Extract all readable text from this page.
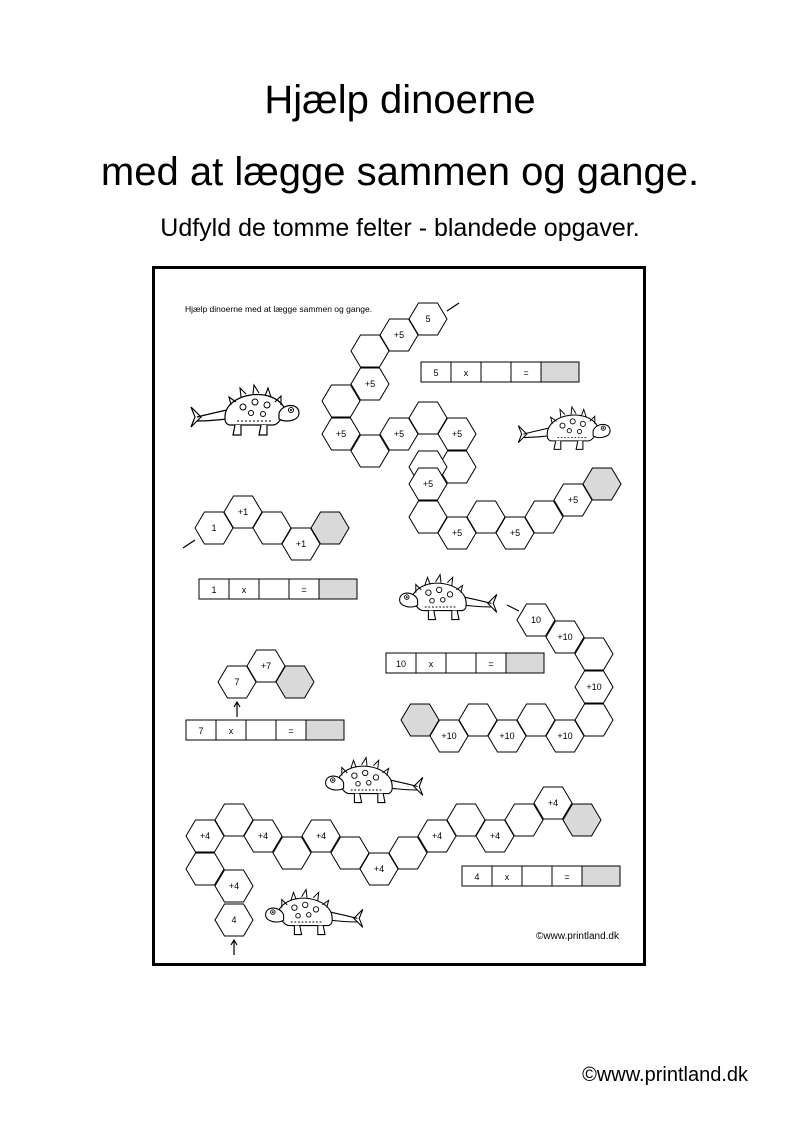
Hjælp dinoerne
med at lægge sammen og gange.
Udfyld de tomme felter - blandede opgaver.
Hjælp dinoerne med at lægge sammen og gange.
5
+5
+5
+5	+5	+5
+5
+5	+5
+5
5	x	=
1
+1
+1
1	x	=
10
+10
+10
+10
+10
+10
10	x	=
7
+7
7	x	=
4
+4
+4	+4	+4
+4
+4	+4
+4
4	x	=
©www.printland.dk
©www.printland.dk
